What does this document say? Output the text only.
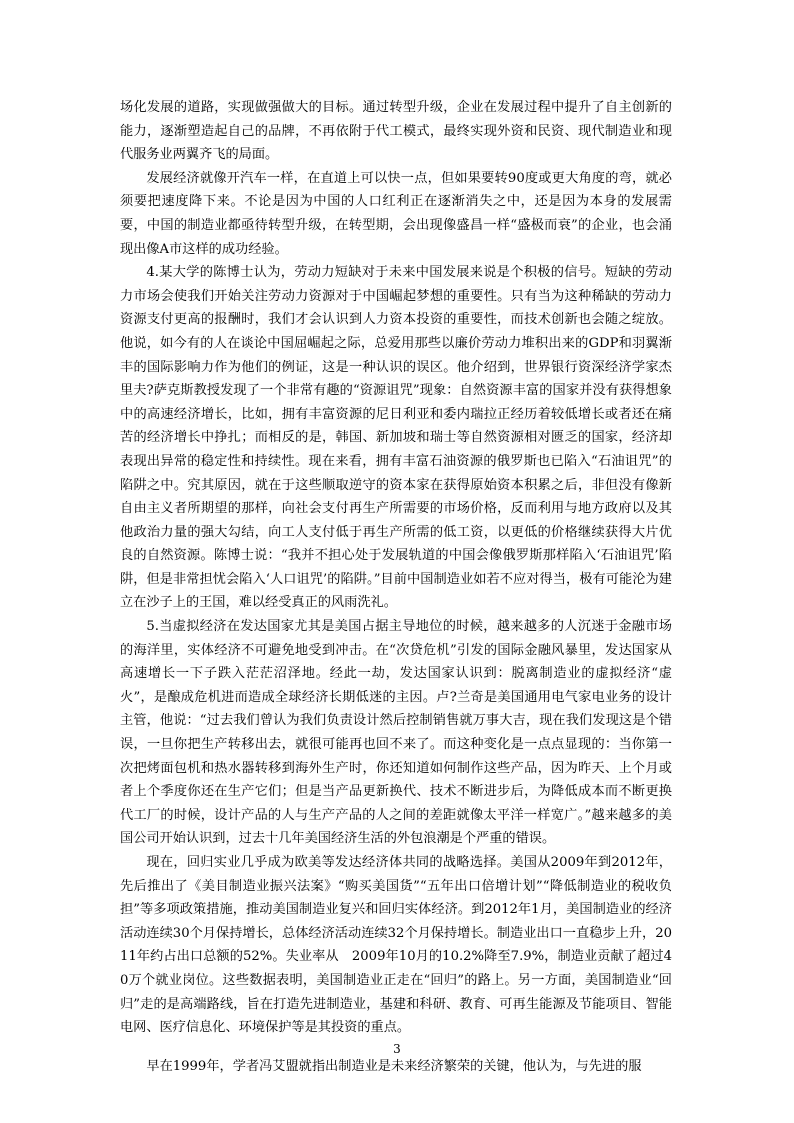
场化发展的道路，实现做强做大的目标。通过转型升级，企业在发展过程中提升了自主创新的能力，逐渐塑造起自己的品牌，不再依附于代工模式，最终实现外资和民资、现代制造业和现代服务业两翼齐飞的局面。

发展经济就像开汽车一样，在直道上可以快一点，但如果要转90度或更大角度的弯，就必须要把速度降下来。不论是因为中国的人口红利正在逐渐消失之中，还是因为本身的发展需要，中国的制造业都亟待转型升级，在转型期，会出现像盛昌一样“盛极而衰”的企业，也会涌现出像A市这样的成功经验。

4.某大学的陈博士认为，劳动力短缺对于未来中国发展来说是个积极的信号。短缺的劳动力市场会使我们开始关注劳动力资源对于中国崛起梦想的重要性。只有当为这种稀缺的劳动力资源支付更高的报酬时，我们才会认识到人力资本投资的重要性，而技术创新也会随之绽放。他说，如今有的人在谈论中国屈崛起之际，总爱用那些以廉价劳动力堆积出来的GDP和羽翼渐丰的国际影响力作为他们的例证，这是一种认识的误区。他介绍到，世界银行资深经济学家杰里夫?萨克斯教授发现了一个非常有趣的“资源诅咒”现象：自然资源丰富的国家并没有获得想象中的高速经济增长，比如，拥有丰富资源的尼日利亚和委内瑞拉正经历着较低增长或者还在痛苦的经济增长中挣扎；而相反的是，韩国、新加坡和瑞士等自然资源相对匮乏的国家，经济却表现出异常的稳定性和持续性。现在来看，拥有丰富石油资源的俄罗斯也已陷入“石油诅咒”的陷阱之中。究其原因，就在于这些顺取逆守的资本家在获得原始资本积累之后，非但没有像新自由主义者所期望的那样，向社会支付再生产所需要的市场价格，反而利用与地方政府以及其他政治力量的强大勾结，向工人支付低于再生产所需的低工资，以更低的价格继续获得大片优良的自然资源。陈博士说：“我并不担心处于发展轨道的中国会像俄罗斯那样陷入‘石油诅咒’陷阱，但是非常担忧会陷入‘人口诅咒’的陷阱。”目前中国制造业如若不应对得当，极有可能沦为建立在沙子上的王国，难以经受真正的风雨洗礼。

5.当虚拟经济在发达国家尤其是美国占据主导地位的时候，越来越多的人沉迷于金融市场的海洋里，实体经济不可避免地受到冲击。在“次贷危机”引发的国际金融风暴里，发达国家从高速增长一下子跌入茫茫沼泽地。经此一劫，发达国家认识到：脱离制造业的虚拟经济“虚火”，是酿成危机进而造成全球经济长期低迷的主因。卢?兰奇是美国通用电气家电业务的设计主管，他说：“过去我们曾认为我们负责设计然后控制销售就万事大吉，现在我们发现这是个错误，一旦你把生产转移出去，就很可能再也回不来了。而这种变化是一点点显现的：当你第一次把烤面包机和热水器转移到海外生产时，你还知道如何制作这些产品，因为昨天、上个月或者上个季度你还在生产它们；但是当产品更新换代、技术不断进步后，为降低成本而不断更换代工厂的时候，设计产品的人与生产产品的人之间的差距就像太平洋一样宽广。”越来越多的美国公司开始认识到，过去十几年美国经济生活的外包浪潮是个严重的错误。

现在，回归实业几乎成为欧美等发达经济体共同的战略选择。美国从2009年到2012年，先后推出了《美目制造业振兴法案》“购买美国货”“五年出口倍增计划”“降低制造业的税收负担”等多项政策措施，推动美国制造业复兴和回归实体经济。到2012年1月，美国制造业的经济活动连续30个月保持增长，总体经济活动连续32个月保持增长。制造业出口一直稳步上升，2011年约占出口总额的52%。失业率从　2009年10月的10.2%降至7.9%，制造业贡献了超过40万个就业岗位。这些数据表明，美国制造业正走在“回归”的路上。另一方面，美国制造业“回归”走的是高端路线，旨在打造先进制造业，基建和科研、教育、可再生能源及节能项目、智能电网、医疗信息化、环境保护等是其投资的重点。

早在1999年，学者冯艾盟就指出制造业是未来经济繁荣的关键，他认为，与先进的服

3
